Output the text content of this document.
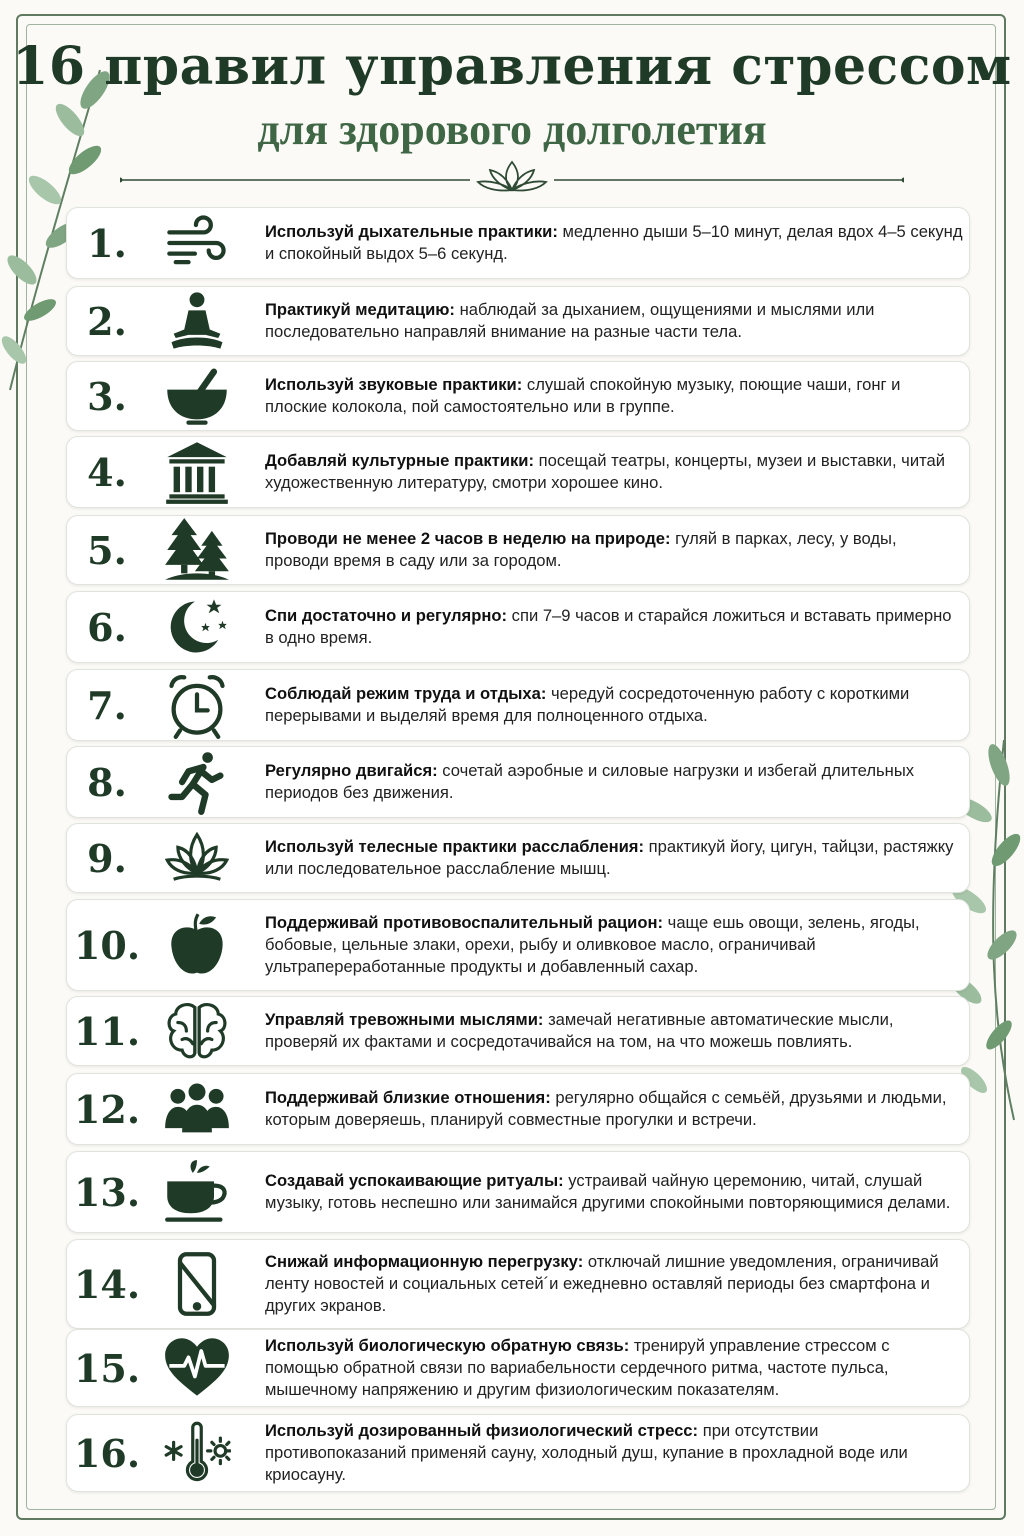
16 правил управления стрессом
для здорового долголетия
1.	Используй дыхательные практики: медленно дыши 5–10 минут, делая вдох 4–5 секунд и спокойный выдох 5–6 секунд.

2.	Практикуй медитацию: наблюдай за дыханием, ощущениями и мыслями или последовательно направляй внимание на разные части тела.

3.	Используй звуковые практики: слушай спокойную музыку, поющие чаши, гонг и плоские колокола, пой самостоятельно или в группе.

4.	Добавляй культурные практики: посещай театры, концерты, музеи и выставки, читай художественную литературу, смотри хорошее кино.

5.	Проводи не менее 2 часов в неделю на природе: гуляй в парках, лесу, у воды, проводи время в саду или за городом.

6.	Спи достаточно и регулярно: спи 7–9 часов и старайся ложиться и вставать примерно в одно время.

7.	Соблюдай режим труда и отдыха: чередуй сосредоточенную работу с короткими перерывами и выделяй время для полноценного отдыха.

8.	Регулярно двигайся: сочетай аэробные и силовые нагрузки и избегай длительных периодов без движения.

9.	Используй телесные практики расслабления: практикуй йогу, цигун, тайцзи, растяжку или последовательное расслабление мышц.

10.	Поддерживай противовоспалительный рацион: чаще ешь овощи, зелень, ягоды, бобовые, цельные злаки, орехи, рыбу и оливковое масло, ограничивай ультрапереработанные продукты и добавленный сахар.

11.	Управляй тревожными мыслями: замечай негативные автоматические мысли, проверяй их фактами и сосредотачивайся на том, на что можешь повлиять.

12.	Поддерживай близкие отношения: регулярно общайся с семьёй, друзьями и людьми, которым доверяешь, планируй совместные прогулки и встречи.

13.	Создавай успокаивающие ритуалы: устраивай чайную церемонию, читай, слушай музыку, готовь неспешно или занимайся другими спокойными повторяющимися делами.

14.	Снижай информационную перегрузку: отключай лишние уведомления, ограничивай ленту новостей и социальных сетей´и ежедневно оставляй периоды без смартфона и других экранов.

15.	Используй биологическую обратную связь: тренируй управление стрессом с помощью обратной связи по вариабельности сердечного ритма, частоте пульса, мышечному напряжению и другим физиологическим показателям.

16.	Используй дозированный физиологический стресс: при отсутствии противопоказаний применяй сауну, холодный душ, купание в прохладной воде или криосауну.
